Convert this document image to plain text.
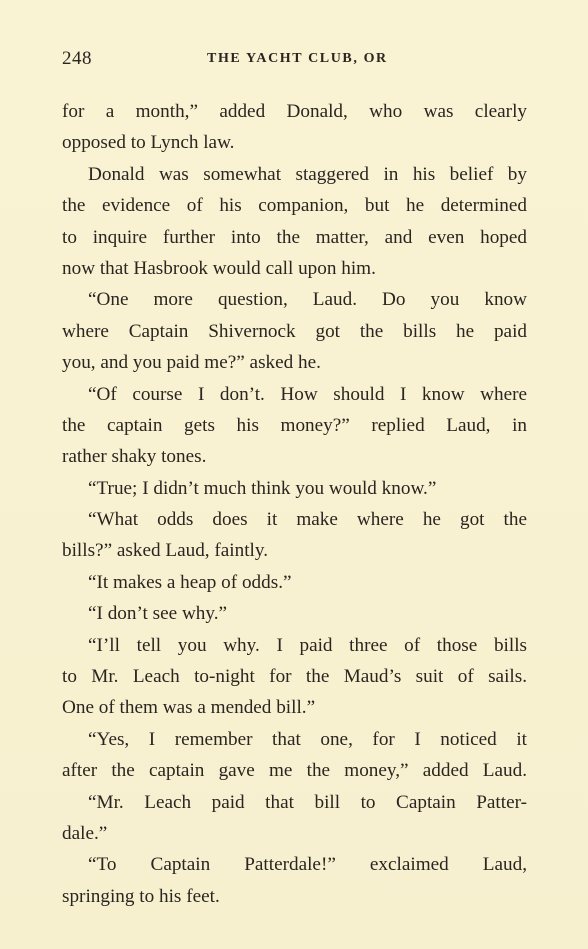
248	THE YACHT CLUB, OR
for a month,” added Donald, who was clearly
opposed to Lynch law.
Donald was somewhat staggered in his belief by
the evidence of his companion, but he determined
to inquire further into the matter, and even hoped
now that Hasbrook would call upon him.
“One more question, Laud. Do you know
where Captain Shivernock got the bills he paid
you, and you paid me?” asked he.
“Of course I don’t. How should I know where
the captain gets his money?” replied Laud, in
rather shaky tones.
“True; I didn’t much think you would know.”
“What odds does it make where he got the
bills?” asked Laud, faintly.
“It makes a heap of odds.”
“I don’t see why.”
“I’ll tell you why. I paid three of those bills
to Mr. Leach to-night for the Maud’s suit of sails.
One of them was a mended bill.”
“Yes, I remember that one, for I noticed it
after the captain gave me the money,” added Laud.
“Mr. Leach paid that bill to Captain Patter-
dale.”
“To Captain Patterdale!” exclaimed Laud,
springing to his feet.
